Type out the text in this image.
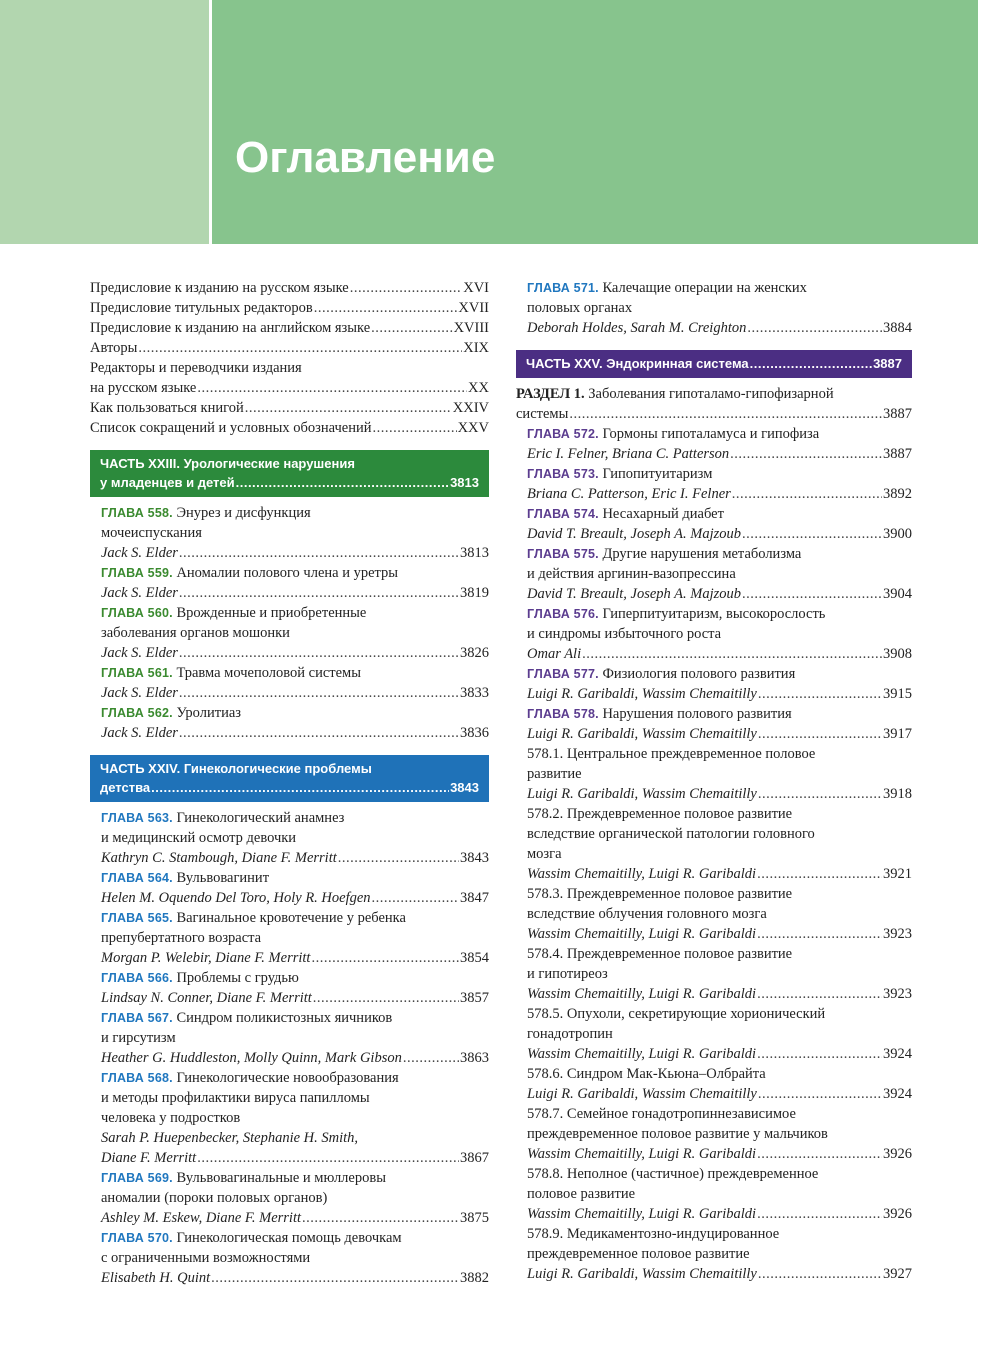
Оглавление
Предисловие к изданию на русском языке .....	XVI
Предисловие титульных редакторов .....	XVII
Предисловие к изданию на английском языке .....	XVIII
Авторы .....	XIX
Редакторы и переводчики издания
на русском языке .....	XX
Как пользоваться книгой .....	XXIV
Список сокращений и условных обозначений .....	XXV
ЧАСТЬ XXIII. Урологические нарушения
у младенцев и детей .....	3813
ГЛАВА 558. Энурез и дисфункция
мочеиспускания
Jack S. Elder .....	3813
ГЛАВА 559. Аномалии полового члена и уретры
Jack S. Elder .....	3819
ГЛАВА 560. Врожденные и приобретенные
заболевания органов мошонки
Jack S. Elder .....	3826
ГЛАВА 561. Травма мочеполовой системы
Jack S. Elder .....	3833
ГЛАВА 562. Уролитиаз
Jack S. Elder .....	3836
ЧАСТЬ XXIV. Гинекологические проблемы
детства .....	3843
ГЛАВА 563. Гинекологический анамнез
и медицинский осмотр девочки
Kathryn C. Stambough, Diane F. Merritt .....	3843
ГЛАВА 564. Вульвовагинит
Helen M. Oquendo Del Toro, Holy R. Hoefgen .....	3847
ГЛАВА 565. Вагинальное кровотечение у ребенка
препубертатного возраста
Morgan P. Welebir, Diane F. Merritt .....	3854
ГЛАВА 566. Проблемы с грудью
Lindsay N. Conner, Diane F. Merritt .....	3857
ГЛАВА 567. Синдром поликистозных яичников
и гирсутизм
Heather G. Huddleston, Molly Quinn, Mark Gibson .....	3863
ГЛАВА 568. Гинекологические новообразования
и методы профилактики вируса папилломы
человека у подростков
Sarah P. Huepenbecker, Stephanie H. Smith,
Diane F. Merritt .....	3867
ГЛАВА 569. Вульвовагинальные и мюллеровы
аномалии (пороки половых органов)
Ashley M. Eskew, Diane F. Merritt .....	3875
ГЛАВА 570. Гинекологическая помощь девочкам
с ограниченными возможностями
Elisabeth H. Quint .....	3882
ГЛАВА 571. Калечащие операции на женских
половых органах
Deborah Holdes, Sarah M. Creighton .....	3884
ЧАСТЬ XXV. Эндокринная система .....	3887
РАЗДЕЛ 1. Заболевания гипоталамо-гипофизарной
системы .....	3887
ГЛАВА 572. Гормоны гипоталамуса и гипофиза
Eric I. Felner, Briana C. Patterson .....	3887
ГЛАВА 573. Гипопитуитаризм
Briana C. Patterson, Eric I. Felner .....	3892
ГЛАВА 574. Несахарный диабет
David T. Breault, Joseph A. Majzoub .....	3900
ГЛАВА 575. Другие нарушения метаболизма
и действия аргинин-вазопрессина
David T. Breault, Joseph A. Majzoub .....	3904
ГЛАВА 576. Гиперпитуитаризм, высокорослость
и синдромы избыточного роста
Omar Ali .....	3908
ГЛАВА 577. Физиология полового развития
Luigi R. Garibaldi, Wassim Chemaitilly .....	3915
ГЛАВА 578. Нарушения полового развития
Luigi R. Garibaldi, Wassim Chemaitilly .....	3917
578.1. Центральное преждевременное половое
развитие
Luigi R. Garibaldi, Wassim Chemaitilly .....	3918
578.2. Преждевременное половое развитие
вследствие органической патологии головного
мозга
Wassim Chemaitilly, Luigi R. Garibaldi .....	3921
578.3. Преждевременное половое развитие
вследствие облучения головного мозга
Wassim Chemaitilly, Luigi R. Garibaldi .....	3923
578.4. Преждевременное половое развитие
и гипотиреоз
Wassim Chemaitilly, Luigi R. Garibaldi .....	3923
578.5. Опухоли, секретирующие хорионический
гонадотропин
Wassim Chemaitilly, Luigi R. Garibaldi .....	3924
578.6. Синдром Мак-Кьюна–Олбрайта
Luigi R. Garibaldi, Wassim Chemaitilly .....	3924
578.7. Семейное гонадотропиннезависимое
преждевременное половое развитие у мальчиков
Wassim Chemaitilly, Luigi R. Garibaldi .....	3926
578.8. Неполное (частичное) преждевременное
половое развитие
Wassim Chemaitilly, Luigi R. Garibaldi .....	3926
578.9. Медикаментозно-индуцированное
преждевременное половое развитие
Luigi R. Garibaldi, Wassim Chemaitilly .....	3927
